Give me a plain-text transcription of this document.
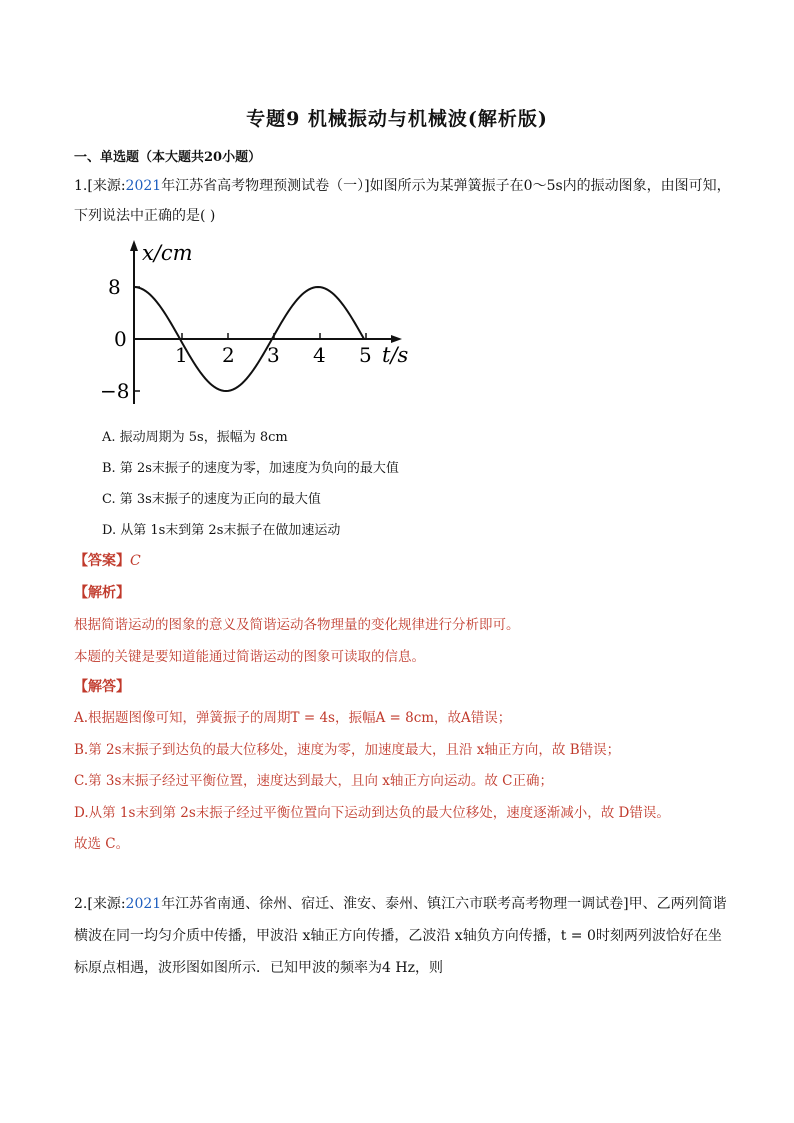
专题9 机械振动与机械波(解析版)
一、单选题（本大题共20小题）
1.[来源:2021年江苏省高考物理预测试卷（一）]如图所示为某弹簧振子在0～5s内的振动图象，由图可知，
下列说法中正确的是( )
x/cm
t/s
8
−8
0
1 2 3 4 5
A. 振动周期为 5s，振幅为 8cm
B. 第 2s末振子的速度为零，加速度为负向的最大值
C. 第 3s末振子的速度为正向的最大值
D. 从第 1s末到第 2s末振子在做加速运动
【答案】C
【解析】
根据简谐运动的图象的意义及简谐运动各物理量的变化规律进行分析即可。
本题的关键是要知道能通过简谐运动的图象可读取的信息。
【解答】
A.根据题图像可知，弹簧振子的周期T = 4s，振幅A = 8cm，故A错误；
B.第 2s末振子到达负的最大位移处，速度为零，加速度最大，且沿 x轴正方向，故 B错误；
C.第 3s末振子经过平衡位置，速度达到最大，且向 x轴正方向运动。故 C正确；
D.从第 1s末到第 2s末振子经过平衡位置向下运动到达负的最大位移处，速度逐渐减小，故 D错误。
故选 C。
2.[来源:2021年江苏省南通、徐州、宿迁、淮安、泰州、镇江六市联考高考物理一调试卷]甲、乙两列简谐
横波在同一均匀介质中传播，甲波沿 x轴正方向传播，乙波沿 x轴负方向传播，t = 0时刻两列波恰好在坐
标原点相遇，波形图如图所示．已知甲波的频率为4 Hz，则
